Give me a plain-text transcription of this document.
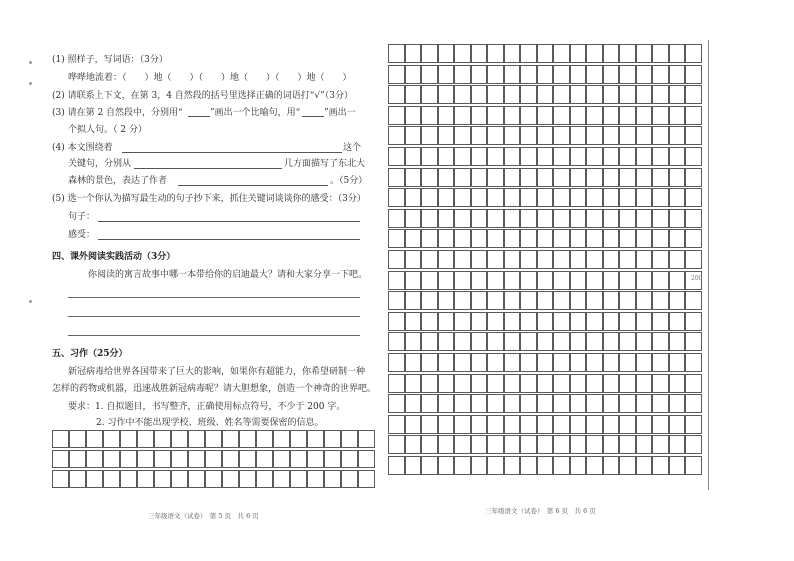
(1) 照样子，写词语：（3分）
哗哗地流着：（　　）地（　　）（　　）地（　　）（　　）地（　　）
(2) 请联系上下文，在第 3，4 自然段的括号里选择正确的词语打“√”（3分）
(3) 请在第 2 自然段中，分别用“	”画出一个比喻句，用“	”画出一
个拟人句。（ 2 分）
(4) 本文围绕着	这个
关键句，分别从	几方面描写了东北大
森林的景色，表达了作者	。（5分）
(5) 选一个你认为描写最生动的句子抄下来，抓住关键词谈谈你的感受：（3分）
句子：
感受：
四、课外阅读实践活动（3分）
你阅读的寓言故事中哪一本带给你的启迪最大？请和大家分享一下吧。
五、习作（25分）
新冠病毒给世界各国带来了巨大的影响，如果你有超能力，你希望研制一种
怎样的药物或机器，迅速战胜新冠病毒呢？请大胆想象，创造一个神奇的世界吧。
要求：1. 自拟题目，书写整齐，正确使用标点符号，不少于 200 字。
2. 习作中不能出现学校、班级、姓名等需要保密的信息。
三年级语文（试卷）　第 5 页　共 6 页
200
三年级语文（试卷）　第 6 页　共 6 页
